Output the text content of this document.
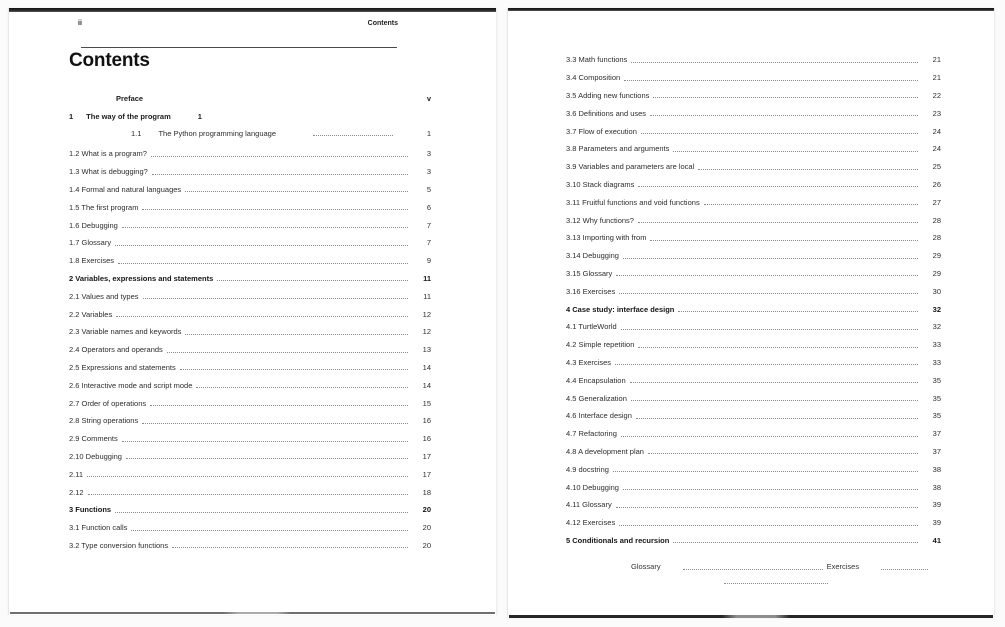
ii	Contents
Contents
Preface	v
1 The way of the program	1
1.1 The Python programming language	1
1.2 What is a program?	3
1.3 What is debugging?	3
1.4 Formal and natural languages	5
1.5 The first program	6
1.6 Debugging	7
1.7 Glossary	7
1.8 Exercises	9
2 Variables, expressions and statements	11
2.1 Values and types	11
2.2 Variables	12
2.3 Variable names and keywords	12
2.4 Operators and operands	13
2.5 Expressions and statements	14
2.6 Interactive mode and script mode	14
2.7 Order of operations	15
2.8 String operations	16
2.9 Comments	16
2.10 Debugging	17
2.11	17
2.12	18
3 Functions	20
3.1 Function calls	20
3.2 Type conversion functions	20
3.3 Math functions	21
3.4 Composition	21
3.5 Adding new functions	22
3.6 Definitions and uses	23
3.7 Flow of execution	24
3.8 Parameters and arguments	24
3.9 Variables and parameters are local	25
3.10 Stack diagrams	26
3.11 Fruitful functions and void functions	27
3.12 Why functions?	28
3.13 Importing with from	28
3.14 Debugging	29
3.15 Glossary	29
3.16 Exercises	30
4 Case study: interface design	32
4.1 TurtleWorld	32
4.2 Simple repetition	33
4.3 Exercises	33
4.4 Encapsulation	35
4.5 Generalization	35
4.6 Interface design	35
4.7 Refactoring	37
4.8 A development plan	37
4.9 docstring	38
4.10 Debugging	38
4.11 Glossary	39
4.12 Exercises	39
5 Conditionals and recursion	41
Glossary	Exercises
